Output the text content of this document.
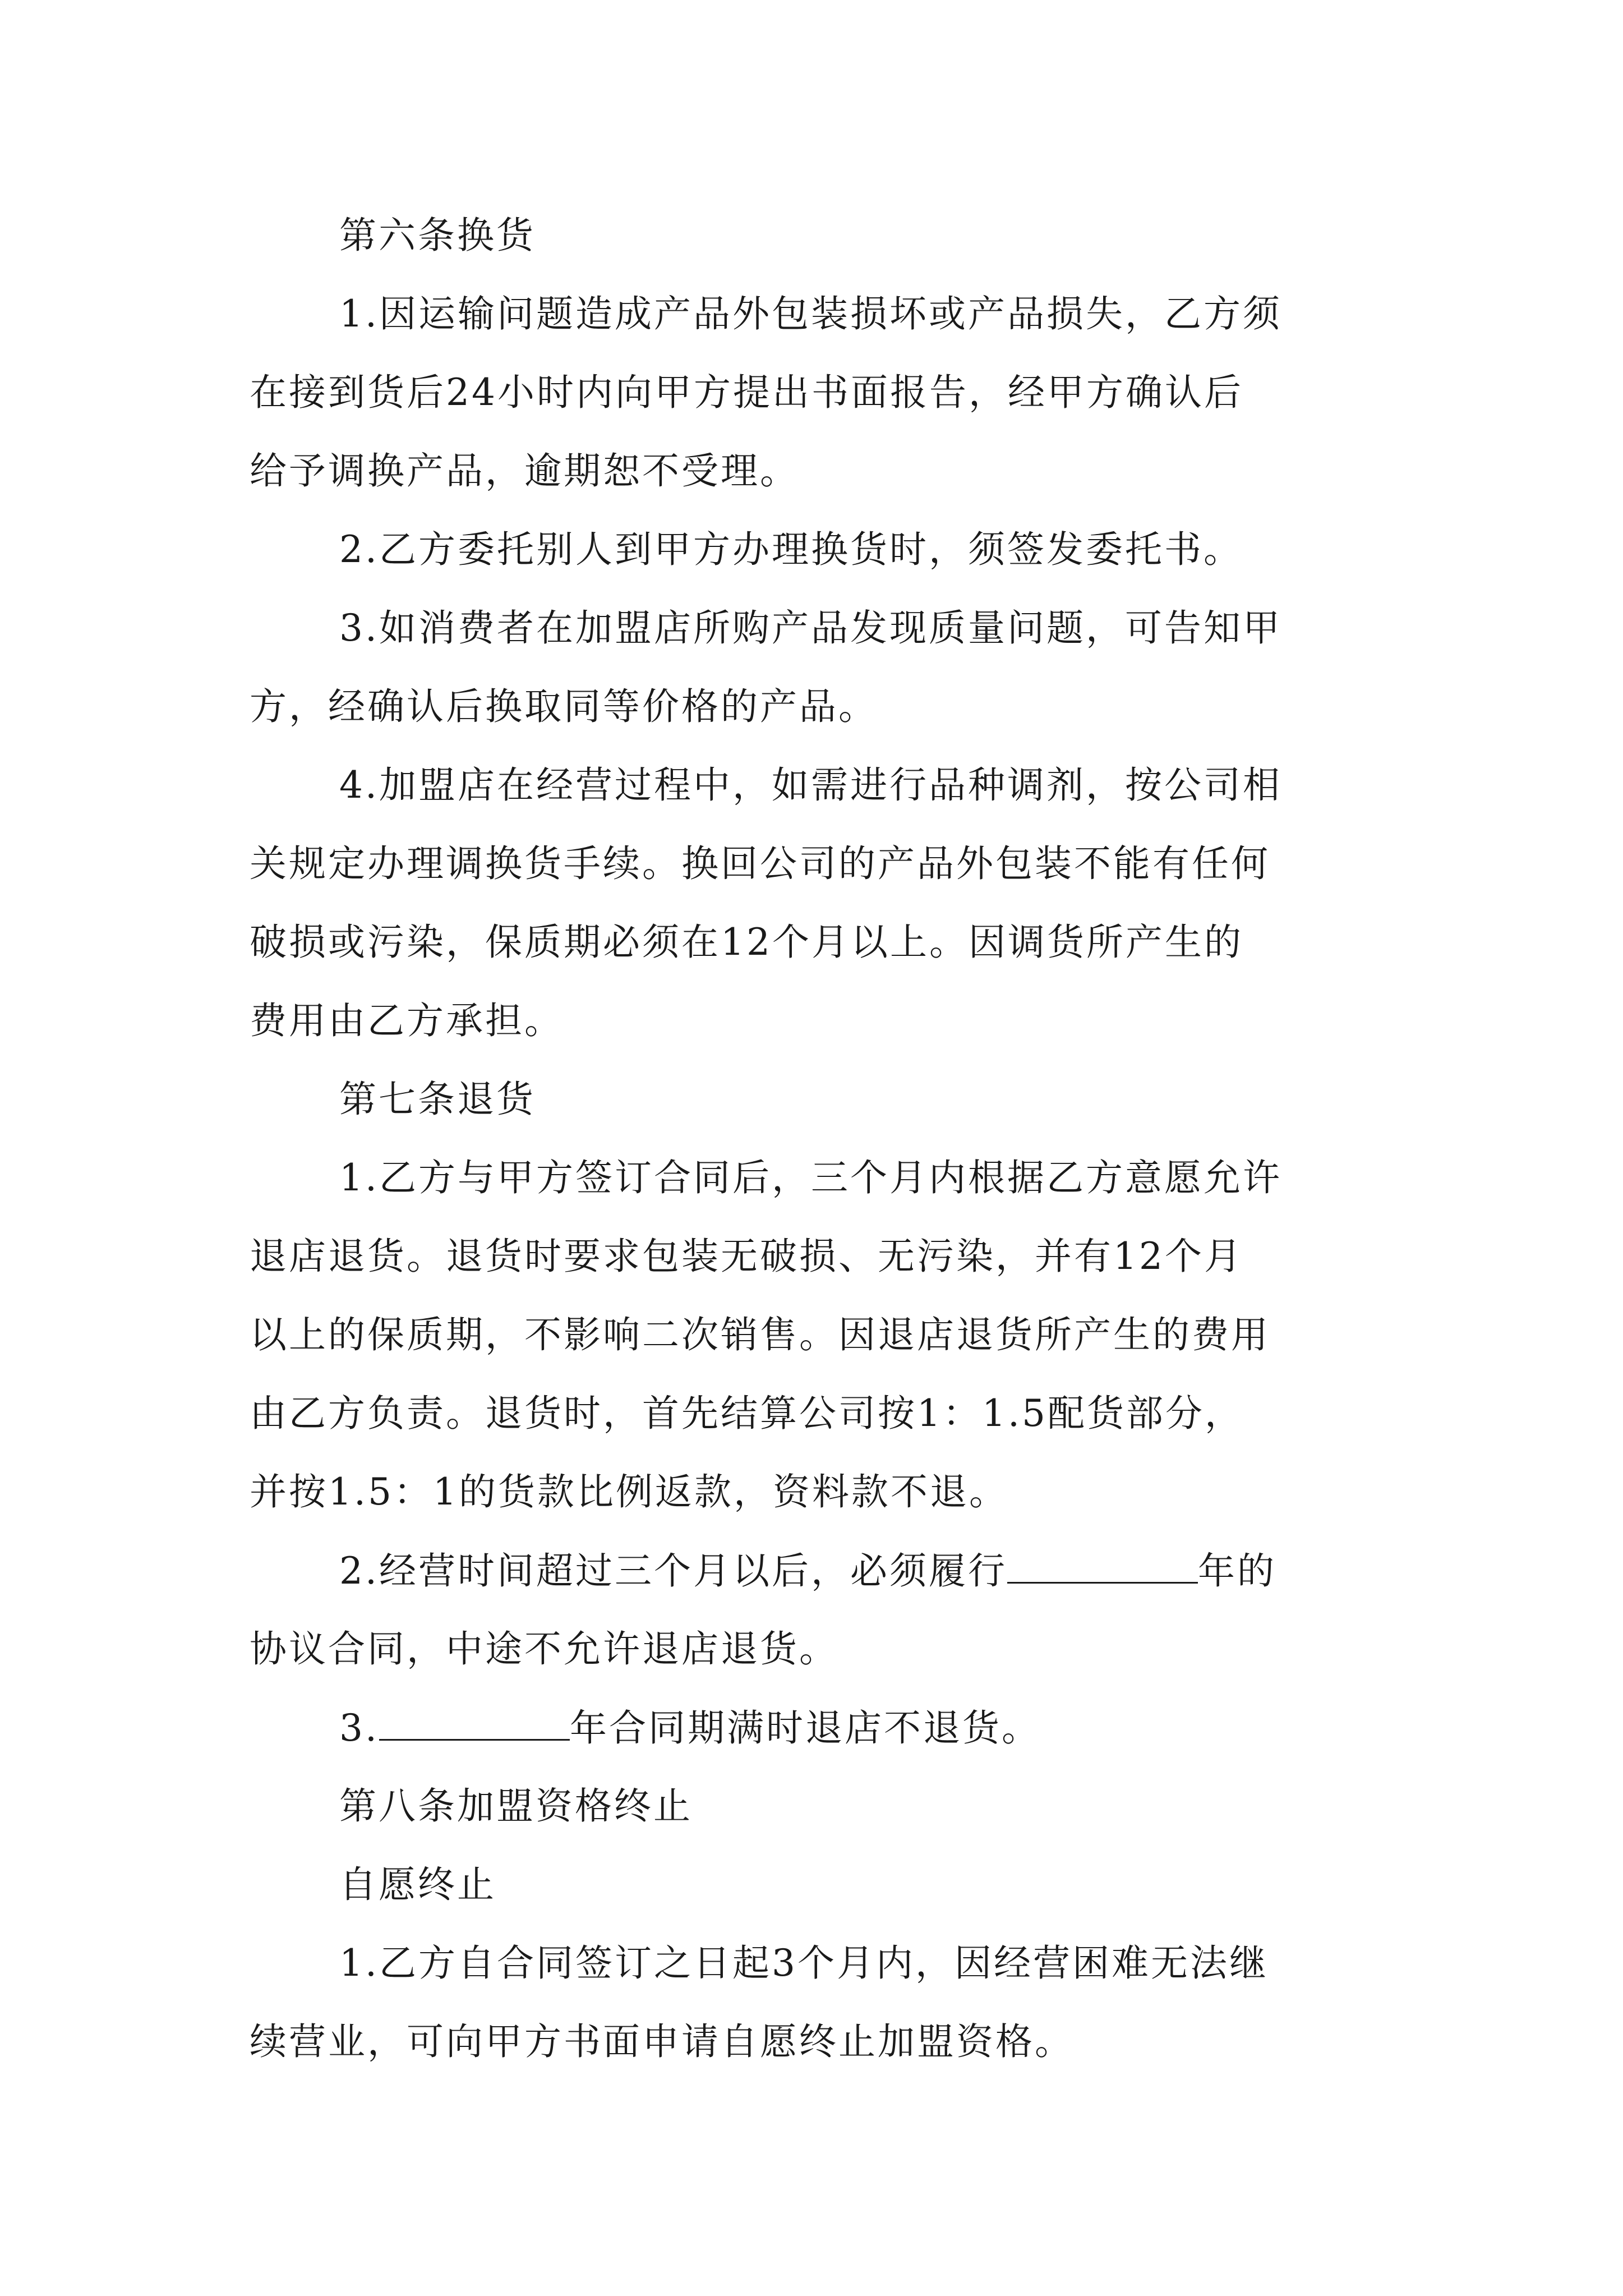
第六条换货
1.因运输问题造成产品外包装损坏或产品损失，乙方须
在接到货后24小时内向甲方提出书面报告，经甲方确认后
给予调换产品，逾期恕不受理。
2.乙方委托别人到甲方办理换货时，须签发委托书。
3.如消费者在加盟店所购产品发现质量问题，可告知甲
方，经确认后换取同等价格的产品。
4.加盟店在经营过程中，如需进行品种调剂，按公司相
关规定办理调换货手续。换回公司的产品外包装不能有任何
破损或污染，保质期必须在12个月以上。因调货所产生的
费用由乙方承担。
第七条退货
1.乙方与甲方签订合同后，三个月内根据乙方意愿允许
退店退货。退货时要求包装无破损、无污染，并有12个月
以上的保质期，不影响二次销售。因退店退货所产生的费用
由乙方负责。退货时，首先结算公司按1：1.5配货部分，
并按1.5：1的货款比例返款，资料款不退。
2.经营时间超过三个月以后，必须履行	年的
协议合同，中途不允许退店退货。
3.	年合同期满时退店不退货。
第八条加盟资格终止
自愿终止
1.乙方自合同签订之日起3个月内，因经营困难无法继
续营业，可向甲方书面申请自愿终止加盟资格。
